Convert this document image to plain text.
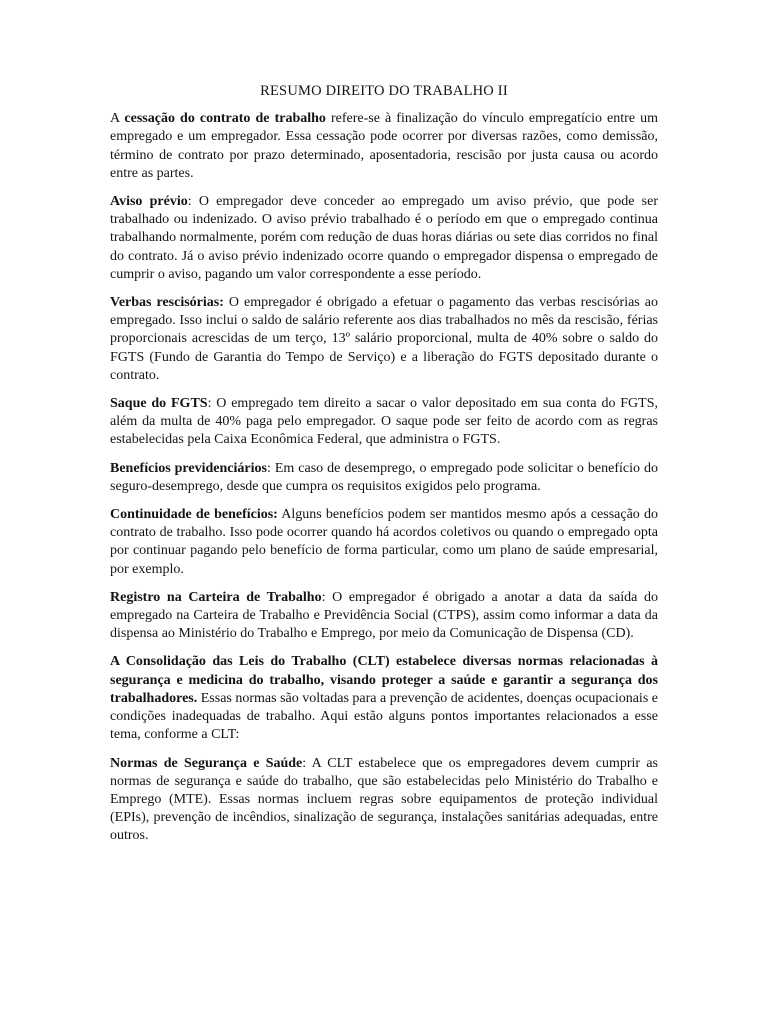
RESUMO DIREITO DO TRABALHO II

A cessação do contrato de trabalho refere-se à finalização do vínculo empregatício entre um empregado e um empregador. Essa cessação pode ocorrer por diversas razões, como demissão, término de contrato por prazo determinado, aposentadoria, rescisão por justa causa ou acordo entre as partes.

Aviso prévio: O empregador deve conceder ao empregado um aviso prévio, que pode ser trabalhado ou indenizado. O aviso prévio trabalhado é o período em que o empregado continua trabalhando normalmente, porém com redução de duas horas diárias ou sete dias corridos no final do contrato. Já o aviso prévio indenizado ocorre quando o empregador dispensa o empregado de cumprir o aviso, pagando um valor correspondente a esse período.

Verbas rescisórias: O empregador é obrigado a efetuar o pagamento das verbas rescisórias ao empregado. Isso inclui o saldo de salário referente aos dias trabalhados no mês da rescisão, férias proporcionais acrescidas de um terço, 13º salário proporcional, multa de 40% sobre o saldo do FGTS (Fundo de Garantia do Tempo de Serviço) e a liberação do FGTS depositado durante o contrato.

Saque do FGTS: O empregado tem direito a sacar o valor depositado em sua conta do FGTS, além da multa de 40% paga pelo empregador. O saque pode ser feito de acordo com as regras estabelecidas pela Caixa Econômica Federal, que administra o FGTS.

Benefícios previdenciários: Em caso de desemprego, o empregado pode solicitar o benefício do seguro-desemprego, desde que cumpra os requisitos exigidos pelo programa.

Continuidade de benefícios: Alguns benefícios podem ser mantidos mesmo após a cessação do contrato de trabalho. Isso pode ocorrer quando há acordos coletivos ou quando o empregado opta por continuar pagando pelo benefício de forma particular, como um plano de saúde empresarial, por exemplo.

Registro na Carteira de Trabalho: O empregador é obrigado a anotar a data da saída do empregado na Carteira de Trabalho e Previdência Social (CTPS), assim como informar a data da dispensa ao Ministério do Trabalho e Emprego, por meio da Comunicação de Dispensa (CD).

A Consolidação das Leis do Trabalho (CLT) estabelece diversas normas relacionadas à segurança e medicina do trabalho, visando proteger a saúde e garantir a segurança dos trabalhadores. Essas normas são voltadas para a prevenção de acidentes, doenças ocupacionais e condições inadequadas de trabalho. Aqui estão alguns pontos importantes relacionados a esse tema, conforme a CLT:

Normas de Segurança e Saúde: A CLT estabelece que os empregadores devem cumprir as normas de segurança e saúde do trabalho, que são estabelecidas pelo Ministério do Trabalho e Emprego (MTE). Essas normas incluem regras sobre equipamentos de proteção individual (EPIs), prevenção de incêndios, sinalização de segurança, instalações sanitárias adequadas, entre outros.
